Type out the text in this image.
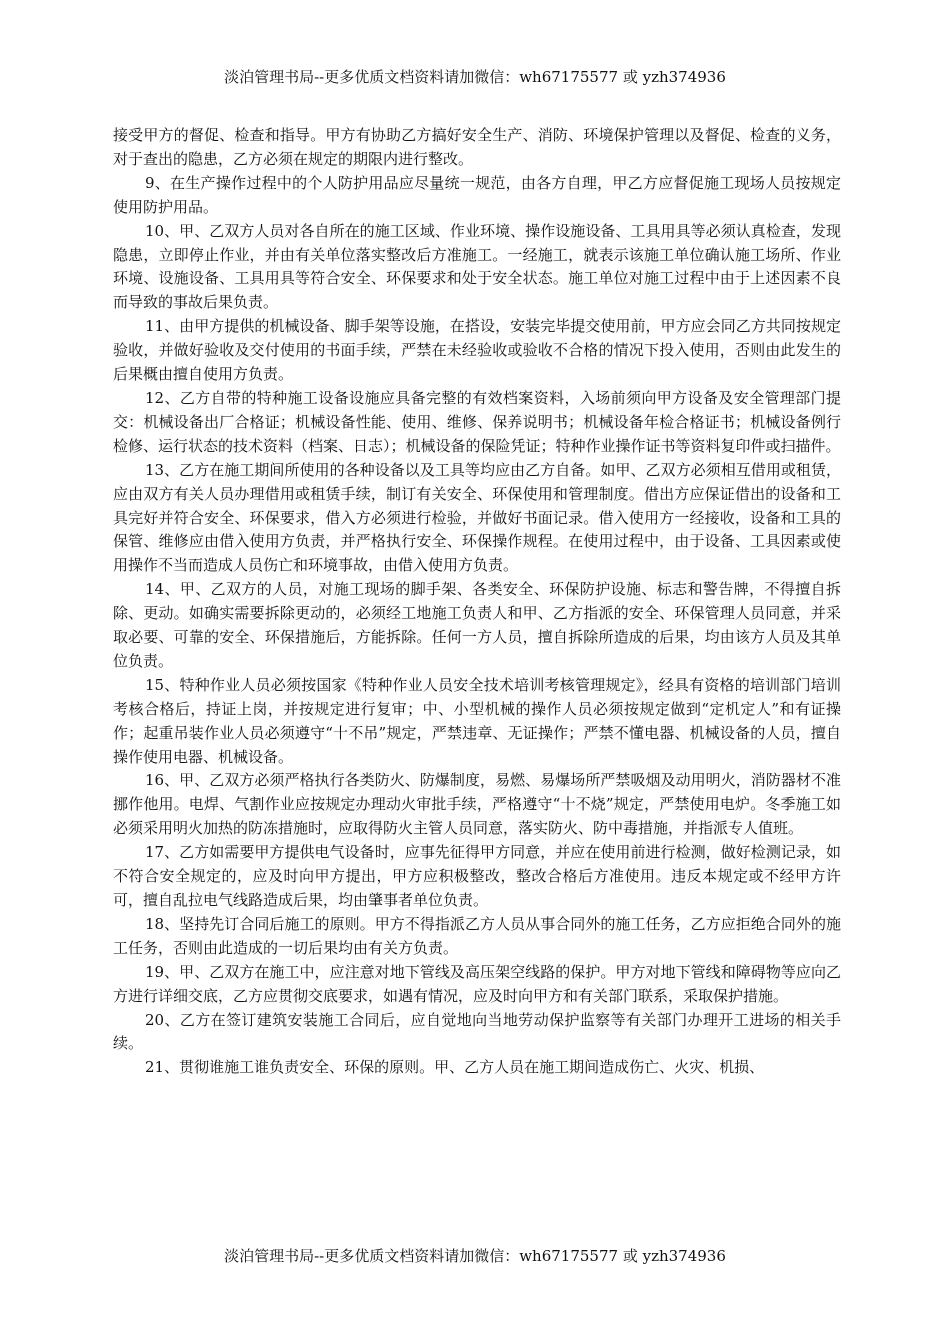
淡泊管理书局--更多优质文档资料请加微信：wh67175577 或 yzh374936

接受甲方的督促、检查和指导。甲方有协助乙方搞好安全生产、消防、环境保护管理以及督促、检查的义务，对于查出的隐患，乙方必须在规定的期限内进行整改。

9、在生产操作过程中的个人防护用品应尽量统一规范，由各方自理，甲乙方应督促施工现场人员按规定使用防护用品。

10、甲、乙双方人员对各自所在的施工区域、作业环境、操作设施设备、工具用具等必须认真检查，发现隐患，立即停止作业，并由有关单位落实整改后方准施工。一经施工，就表示该施工单位确认施工场所、作业环境、设施设备、工具用具等符合安全、环保要求和处于安全状态。施工单位对施工过程中由于上述因素不良而导致的事故后果负责。

11、由甲方提供的机械设备、脚手架等设施，在搭设，安装完毕提交使用前，甲方应会同乙方共同按规定验收，并做好验收及交付使用的书面手续，严禁在未经验收或验收不合格的情况下投入使用，否则由此发生的后果概由擅自使用方负责。

12、乙方自带的特种施工设备设施应具备完整的有效档案资料，入场前须向甲方设备及安全管理部门提交：机械设备出厂合格证；机械设备性能、使用、维修、保养说明书；机械设备年检合格证书；机械设备例行检修、运行状态的技术资料（档案、日志）；机械设备的保险凭证；特种作业操作证书等资料复印件或扫描件。

13、乙方在施工期间所使用的各种设备以及工具等均应由乙方自备。如甲、乙双方必须相互借用或租赁，应由双方有关人员办理借用或租赁手续，制订有关安全、环保使用和管理制度。借出方应保证借出的设备和工具完好并符合安全、环保要求，借入方必须进行检验，并做好书面记录。借入使用方一经接收，设备和工具的保管、维修应由借入使用方负责，并严格执行安全、环保操作规程。在使用过程中，由于设备、工具因素或使用操作不当而造成人员伤亡和环境事故，由借入使用方负责。

14、甲、乙双方的人员，对施工现场的脚手架、各类安全、环保防护设施、标志和警告牌，不得擅自拆除、更动。如确实需要拆除更动的，必须经工地施工负责人和甲、乙方指派的安全、环保管理人员同意，并采取必要、可靠的安全、环保措施后，方能拆除。任何一方人员，擅自拆除所造成的后果，均由该方人员及其单位负责。

15、特种作业人员必须按国家《特种作业人员安全技术培训考核管理规定》，经具有资格的培训部门培训考核合格后，持证上岗，并按规定进行复审；中、小型机械的操作人员必须按规定做到“定机定人”和有证操作；起重吊装作业人员必须遵守“十不吊”规定，严禁违章、无证操作；严禁不懂电器、机械设备的人员，擅自操作使用电器、机械设备。

16、甲、乙双方必须严格执行各类防火、防爆制度，易燃、易爆场所严禁吸烟及动用明火，消防器材不准挪作他用。电焊、气割作业应按规定办理动火审批手续，严格遵守“十不烧”规定，严禁使用电炉。冬季施工如必须采用明火加热的防冻措施时，应取得防火主管人员同意，落实防火、防中毒措施，并指派专人值班。

17、乙方如需要甲方提供电气设备时，应事先征得甲方同意，并应在使用前进行检测，做好检测记录，如不符合安全规定的，应及时向甲方提出，甲方应积极整改，整改合格后方准使用。违反本规定或不经甲方许可，擅自乱拉电气线路造成后果，均由肇事者单位负责。

18、坚持先订合同后施工的原则。甲方不得指派乙方人员从事合同外的施工任务，乙方应拒绝合同外的施工任务，否则由此造成的一切后果均由有关方负责。

19、甲、乙双方在施工中，应注意对地下管线及高压架空线路的保护。甲方对地下管线和障碍物等应向乙方进行详细交底，乙方应贯彻交底要求，如遇有情况，应及时向甲方和有关部门联系，采取保护措施。

20、乙方在签订建筑安装施工合同后，应自觉地向当地劳动保护监察等有关部门办理开工进场的相关手续。

21、贯彻谁施工谁负责安全、环保的原则。甲、乙方人员在施工期间造成伤亡、火灾、机损、

淡泊管理书局--更多优质文档资料请加微信：wh67175577 或 yzh374936
